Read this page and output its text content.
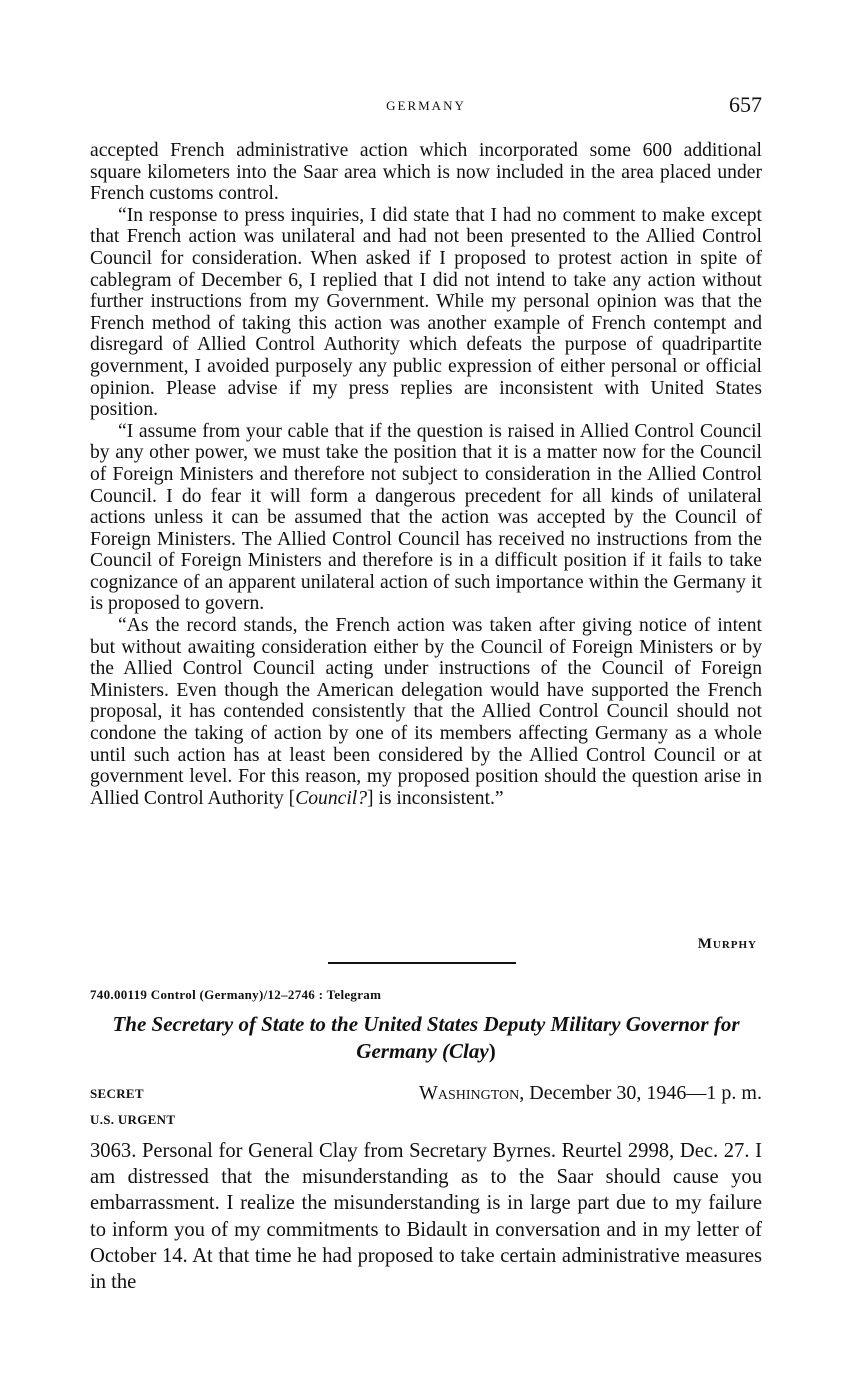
GERMANY	657

accepted French administrative action which incorporated some 600 additional square kilometers into the Saar area which is now included in the area placed under French customs control.

“In response to press inquiries, I did state that I had no comment to make except that French action was unilateral and had not been presented to the Allied Control Council for consideration. When asked if I proposed to protest action in spite of cablegram of December 6, I replied that I did not intend to take any action without further instructions from my Government. While my personal opinion was that the French method of taking this action was another example of French contempt and disregard of Allied Control Authority which defeats the purpose of quadripartite government, I avoided purposely any public expression of either personal or official opinion. Please advise if my press replies are inconsistent with United States position.

“I assume from your cable that if the question is raised in Allied Control Council by any other power, we must take the position that it is a matter now for the Council of Foreign Ministers and therefore not subject to consideration in the Allied Control Council. I do fear it will form a dangerous precedent for all kinds of unilateral actions unless it can be assumed that the action was accepted by the Council of Foreign Ministers. The Allied Control Council has received no instructions from the Council of Foreign Ministers and therefore is in a difficult position if it fails to take cognizance of an apparent unilateral action of such importance within the Germany it is proposed to govern.

“As the record stands, the French action was taken after giving notice of intent but without awaiting consideration either by the Council of Foreign Ministers or by the Allied Control Council acting under instructions of the Council of Foreign Ministers. Even though the American delegation would have supported the French proposal, it has contended consistently that the Allied Control Council should not condone the taking of action by one of its members affecting Germany as a whole until such action has at least been considered by the Allied Control Council or at government level. For this reason, my proposed position should the question arise in Allied Control Authority [Council?] is inconsistent.”

Murphy
740.00119 Control (Germany)/12–2746 : Telegram
The Secretary of State to the United States Deputy Military Governor for Germany (Clay)
SECRET	Washington, December 30, 1946—1 p. m.
U.S. URGENT

3063. Personal for General Clay from Secretary Byrnes. Reurtel 2998, Dec. 27. I am distressed that the misunderstanding as to the Saar should cause you embarrassment. I realize the misunderstanding is in large part due to my failure to inform you of my commitments to Bidault in conversation and in my letter of October 14. At that time he had proposed to take certain administrative measures in the
